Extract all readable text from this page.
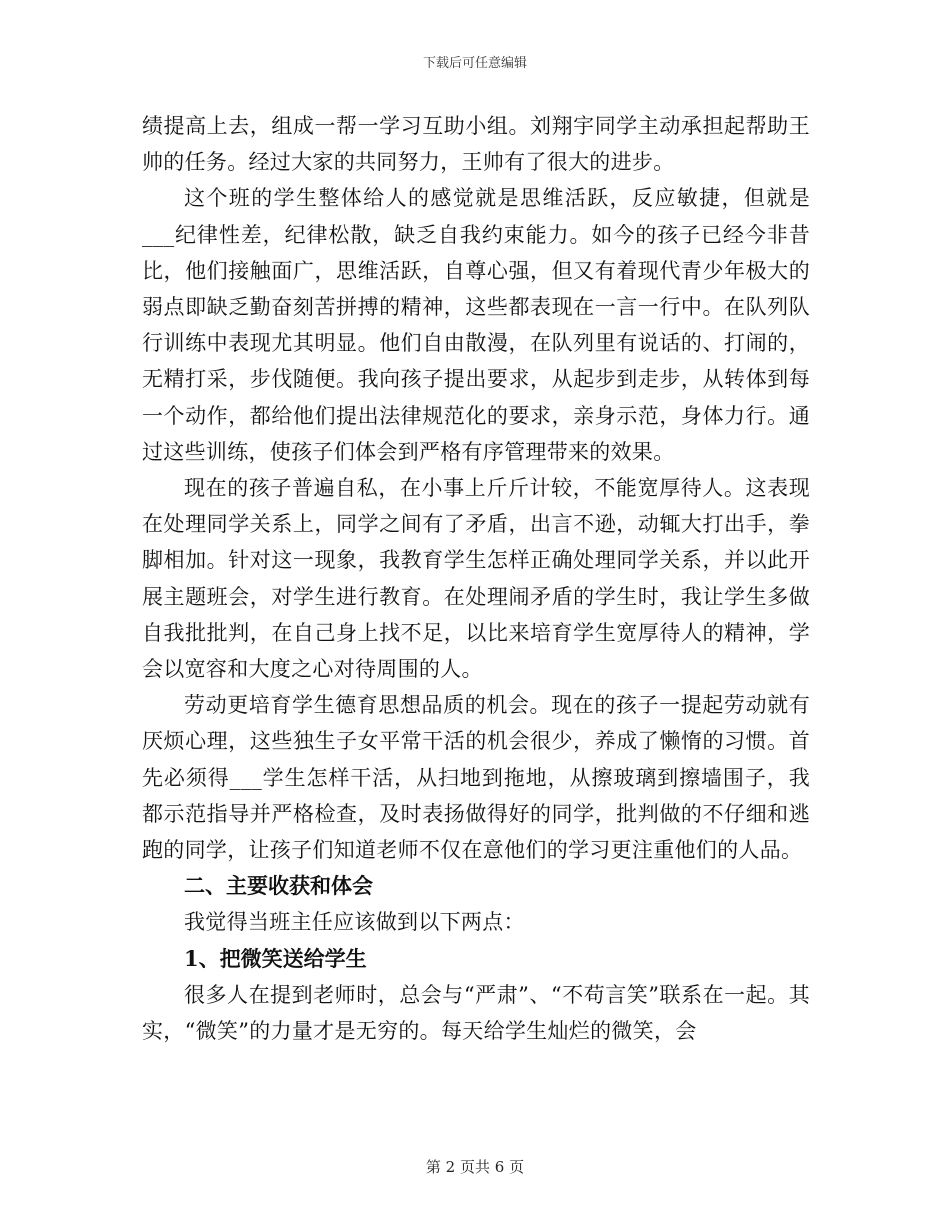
下载后可任意编辑

绩提高上去，组成一帮一学习互助小组。刘翔宇同学主动承担起帮助王帅的任务。经过大家的共同努力，王帅有了很大的进步。

这个班的学生整体给人的感觉就是思维活跃，反应敏捷，但就是___纪律性差，纪律松散，缺乏自我约束能力。如今的孩子已经今非昔比，他们接触面广，思维活跃，自尊心强，但又有着现代青少年极大的弱点即缺乏勤奋刻苦拼搏的精神，这些都表现在一言一行中。在队列队行训练中表现尤其明显。他们自由散漫，在队列里有说话的、打闹的，无精打采，步伐随便。我向孩子提出要求，从起步到走步，从转体到每一个动作，都给他们提出法律规范化的要求，亲身示范，身体力行。通过这些训练，使孩子们体会到严格有序管理带来的效果。

现在的孩子普遍自私，在小事上斤斤计较，不能宽厚待人。这表现在处理同学关系上，同学之间有了矛盾，出言不逊，动辄大打出手，拳脚相加。针对这一现象，我教育学生怎样正确处理同学关系，并以此开展主题班会，对学生进行教育。在处理闹矛盾的学生时，我让学生多做自我批批判，在自己身上找不足，以比来培育学生宽厚待人的精神，学会以宽容和大度之心对待周围的人。

劳动更培育学生德育思想品质的机会。现在的孩子一提起劳动就有厌烦心理，这些独生子女平常干活的机会很少，养成了懒惰的习惯。首先必须得___学生怎样干活，从扫地到拖地，从擦玻璃到擦墙围子，我都示范指导并严格检查，及时表扬做得好的同学，批判做的不仔细和逃跑的同学，让孩子们知道老师不仅在意他们的学习更注重他们的人品。

二、主要收获和体会

我觉得当班主任应该做到以下两点：

1、把微笑送给学生

很多人在提到老师时，总会与“严肃”、“不苟言笑”联系在一起。其实，“微笑”的力量才是无穷的。每天给学生灿烂的微笑，会

第 2 页共 6 页
